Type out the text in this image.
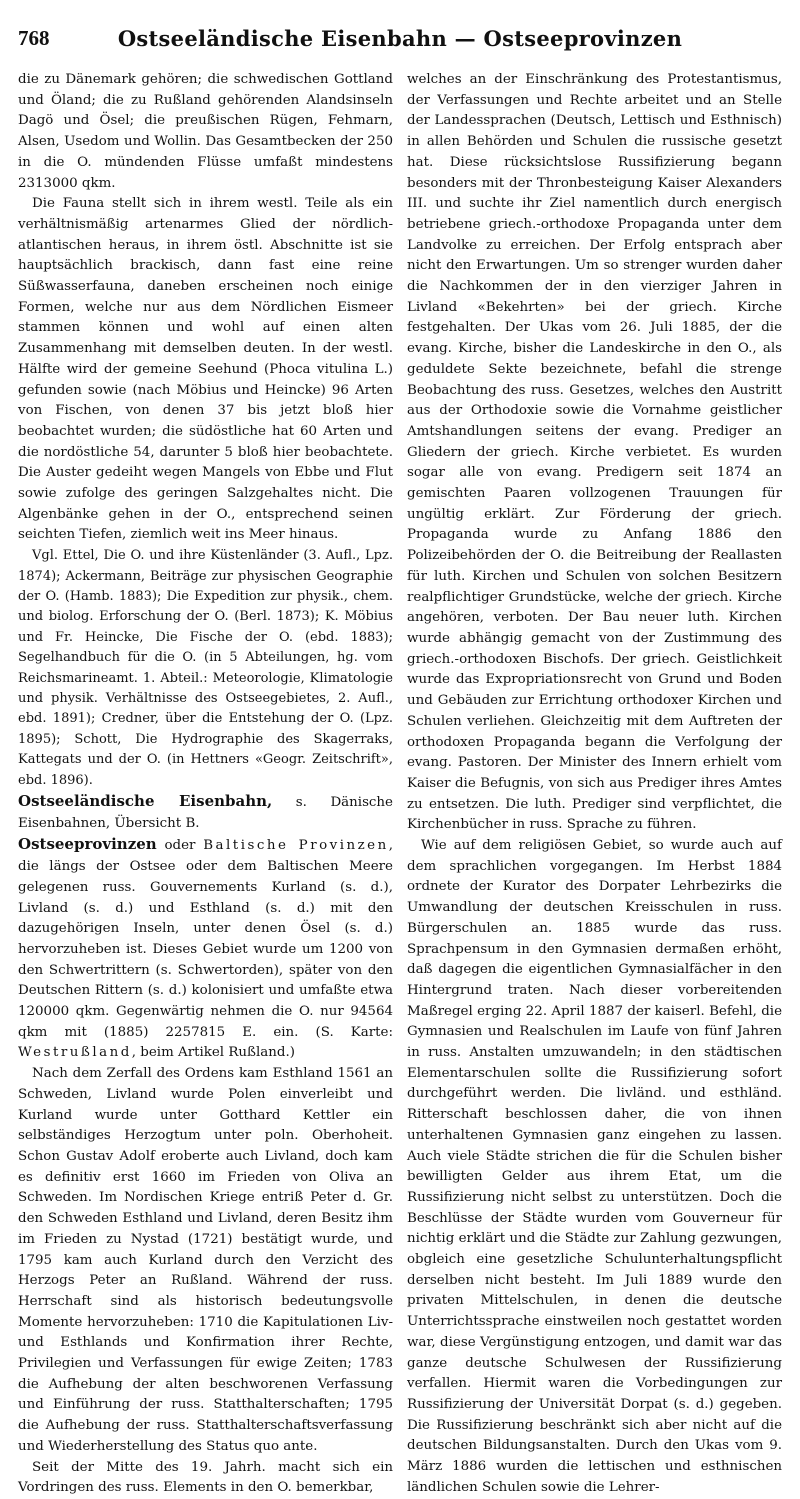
768	Ostseeländische Eisenbahn — Ostseeprovinzen

die zu Dänemark gehören; die schwedischen Gottland und Öland; die zu Rußland gehörenden Alandsinseln Dagö und Ösel; die preußischen Rügen, Fehmarn, Alsen, Usedom und Wollin. Das Gesamtbecken der 250 in die O. mündenden Flüsse umfaßt mindestens 2313000 qkm.

Die Fauna stellt sich in ihrem westl. Teile als ein verhältnismäßig artenarmes Glied der nördlich-atlantischen heraus, in ihrem östl. Abschnitte ist sie hauptsächlich brackisch, dann fast eine reine Süßwasserfauna, daneben erscheinen noch einige Formen, welche nur aus dem Nördlichen Eismeer stammen können und wohl auf einen alten Zusammenhang mit demselben deuten. In der westl. Hälfte wird der gemeine Seehund (Phoca vitulina L.) gefunden sowie (nach Möbius und Heincke) 96 Arten von Fischen, von denen 37 bis jetzt bloß hier beobachtet wurden; die südöstliche hat 60 Arten und die nordöstliche 54, darunter 5 bloß hier beobachtete. Die Auster gedeiht wegen Mangels von Ebbe und Flut sowie zufolge des geringen Salzgehaltes nicht. Die Algenbänke gehen in der O., entsprechend seinen seichten Tiefen, ziemlich weit ins Meer hinaus.

Vgl. Ettel, Die O. und ihre Küstenländer (3. Aufl., Lpz. 1874); Ackermann, Beiträge zur physischen Geographie der O. (Hamb. 1883); Die Expedition zur physik., chem. und biolog. Erforschung der O. (Berl. 1873); K. Möbius und Fr. Heincke, Die Fische der O. (ebd. 1883); Segelhandbuch für die O. (in 5 Abteilungen, hg. vom Reichsmarineamt. 1. Abteil.: Meteorologie, Klimatologie und physik. Verhältnisse des Ostseegebietes, 2. Aufl., ebd. 1891); Credner, über die Entstehung der O. (Lpz. 1895); Schott, Die Hydrographie des Skagerraks, Kattegats und der O. (in Hettners «Geogr. Zeitschrift», ebd. 1896).

Ostseeländische Eisenbahn, s. Dänische Eisenbahnen, Übersicht B.

Ostseeprovinzen oder Baltische Provinzen, die längs der Ostsee oder dem Baltischen Meere gelegenen russ. Gouvernements Kurland (s. d.), Livland (s. d.) und Esthland (s. d.) mit den dazugehörigen Inseln, unter denen Ösel (s. d.) hervorzuheben ist. Dieses Gebiet wurde um 1200 von den Schwertrittern (s. Schwertorden), später von den Deutschen Rittern (s. d.) kolonisiert und umfaßte etwa 120000 qkm. Gegenwärtig nehmen die O. nur 94564 qkm mit (1885) 2257815 E. ein. (S. Karte: Westrußland, beim Artikel Rußland.)

Nach dem Zerfall des Ordens kam Esthland 1561 an Schweden, Livland wurde Polen einverleibt und Kurland wurde unter Gotthard Kettler ein selbständiges Herzogtum unter poln. Oberhoheit. Schon Gustav Adolf eroberte auch Livland, doch kam es definitiv erst 1660 im Frieden von Oliva an Schweden. Im Nordischen Kriege entriß Peter d. Gr. den Schweden Esthland und Livland, deren Besitz ihm im Frieden zu Nystad (1721) bestätigt wurde, und 1795 kam auch Kurland durch den Verzicht des Herzogs Peter an Rußland. Während der russ. Herrschaft sind als historisch bedeutungsvolle Momente hervorzuheben: 1710 die Kapitulationen Liv- und Esthlands und Konfirmation ihrer Rechte, Privilegien und Verfassungen für ewige Zeiten; 1783 die Aufhebung der alten beschworenen Verfassung und Einführung der russ. Statthalterschaften; 1795 die Aufhebung der russ. Statthalterschaftsverfassung und Wiederherstellung des Status quo ante.

Seit der Mitte des 19. Jahrh. macht sich ein Vordringen des russ. Elements in den O. bemerkbar,

welches an der Einschränkung des Protestantismus, der Verfassungen und Rechte arbeitet und an Stelle der Landessprachen (Deutsch, Lettisch und Esthnisch) in allen Behörden und Schulen die russische gesetzt hat. Diese rücksichtslose Russifizierung begann besonders mit der Thronbesteigung Kaiser Alexanders III. und suchte ihr Ziel namentlich durch energisch betriebene griech.-orthodoxe Propaganda unter dem Landvolke zu erreichen. Der Erfolg entsprach aber nicht den Erwartungen. Um so strenger wurden daher die Nachkommen der in den vierziger Jahren in Livland «Bekehrten» bei der griech. Kirche festgehalten. Der Ukas vom 26. Juli 1885, der die evang. Kirche, bisher die Landeskirche in den O., als geduldete Sekte bezeichnete, befahl die strenge Beobachtung des russ. Gesetzes, welches den Austritt aus der Orthodoxie sowie die Vornahme geistlicher Amtshandlungen seitens der evang. Prediger an Gliedern der griech. Kirche verbietet. Es wurden sogar alle von evang. Predigern seit 1874 an gemischten Paaren vollzogenen Trauungen für ungültig erklärt. Zur Förderung der griech. Propaganda wurde zu Anfang 1886 den Polizeibehörden der O. die Beitreibung der Reallasten für luth. Kirchen und Schulen von solchen Besitzern realpflichtiger Grundstücke, welche der griech. Kirche angehören, verboten. Der Bau neuer luth. Kirchen wurde abhängig gemacht von der Zustimmung des griech.-orthodoxen Bischofs. Der griech. Geistlichkeit wurde das Expropriationsrecht von Grund und Boden und Gebäuden zur Errichtung orthodoxer Kirchen und Schulen verliehen. Gleichzeitig mit dem Auftreten der orthodoxen Propaganda begann die Verfolgung der evang. Pastoren. Der Minister des Innern erhielt vom Kaiser die Befugnis, von sich aus Prediger ihres Amtes zu entsetzen. Die luth. Prediger sind verpflichtet, die Kirchenbücher in russ. Sprache zu führen.

Wie auf dem religiösen Gebiet, so wurde auch auf dem sprachlichen vorgegangen. Im Herbst 1884 ordnete der Kurator des Dorpater Lehrbezirks die Umwandlung der deutschen Kreisschulen in russ. Bürgerschulen an. 1885 wurde das russ. Sprachpensum in den Gymnasien dermaßen erhöht, daß dagegen die eigentlichen Gymnasialfächer in den Hintergrund traten. Nach dieser vorbereitenden Maßregel erging 22. April 1887 der kaiserl. Befehl, die Gymnasien und Realschulen im Laufe von fünf Jahren in russ. Anstalten umzuwandeln; in den städtischen Elementarschulen sollte die Russifizierung sofort durchgeführt werden. Die livländ. und esthländ. Ritterschaft beschlossen daher, die von ihnen unterhaltenen Gymnasien ganz eingehen zu lassen. Auch viele Städte strichen die für die Schulen bisher bewilligten Gelder aus ihrem Etat, um die Russifizierung nicht selbst zu unterstützen. Doch die Beschlüsse der Städte wurden vom Gouverneur für nichtig erklärt und die Städte zur Zahlung gezwungen, obgleich eine gesetzliche Schulunterhaltungspflicht derselben nicht besteht. Im Juli 1889 wurde den privaten Mittelschulen, in denen die deutsche Unterrichtssprache einstweilen noch gestattet worden war, diese Vergünstigung entzogen, und damit war das ganze deutsche Schulwesen der Russifizierung verfallen. Hiermit waren die Vorbedingungen zur Russifizierung der Universität Dorpat (s. d.) gegeben. Die Russifizierung beschränkt sich aber nicht auf die deutschen Bildungsanstalten. Durch den Ukas vom 9. März 1886 wurden die lettischen und esthnischen ländlichen Schulen sowie die Lehrer-
